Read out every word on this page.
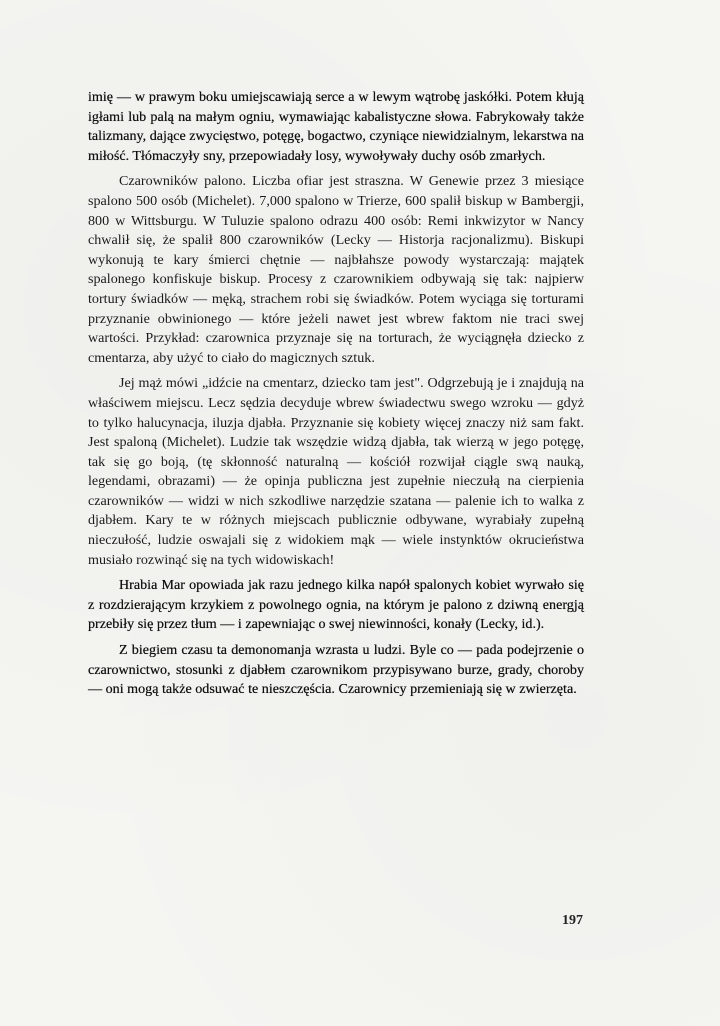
imię — w prawym boku umiejscawiają serce a w lewym wątrobę jaskółki. Potem kłują igłami lub palą na małym ogniu, wymawiając kabalistyczne słowa. Fabrykowały także talizmany, dające zwycięstwo, potęgę, bogactwo, czyniące niewidzialnym, lekarstwa na miłość. Tłómaczyły sny, przepowiadały losy, wywoływały duchy osób zmarłych.

Czarowników palono. Liczba ofiar jest straszna. W Genewie przez 3 miesiące spalono 500 osób (Michelet). 7,000 spalono w Trierze, 600 spalił biskup w Bambergji, 800 w Wittsburgu. W Tuluzie spalono odrazu 400 osób: Remi inkwizytor w Nancy chwalił się, że spalił 800 czarowników (Lecky — Historja racjonalizmu). Biskupi wykonują te kary śmierci chętnie — najbłahsze powody wystarczają: majątek spalonego konfiskuje biskup. Procesy z czarownikiem odbywają się tak: najpierw tortury świadków — męką, strachem robi się świadków. Potem wyciąga się torturami przyznanie obwinionego — które jeżeli nawet jest wbrew faktom nie traci swej wartości. Przykład: czarownica przyznaje się na torturach, że wyciągnęła dziecko z cmentarza, aby użyć to ciało do magicznych sztuk.

Jej mąż mówi „idźcie na cmentarz, dziecko tam jest". Odgrzebują je i znajdują na właściwem miejscu. Lecz sędzia decyduje wbrew świadectwu swego wzroku — gdyż to tylko halucynacja, iluzja djabła. Przyznanie się kobiety więcej znaczy niż sam fakt. Jest spaloną (Michelet). Ludzie tak wszędzie widzą djabła, tak wierzą w jego potęgę, tak się go boją, (tę skłonność naturalną — kościół rozwijał ciągle swą nauką, legendami, obrazami) — że opinja publiczna jest zupełnie nieczułą na cierpienia czarowników — widzi w nich szkodliwe narzędzie szatana — palenie ich to walka z djabłem. Kary te w różnych miejscach publicznie odbywane, wyrabiały zupełną nieczułość, ludzie oswajali się z widokiem mąk — wiele instynktów okrucieństwa musiało rozwinąć się na tych widowiskach!

Hrabia Mar opowiada jak razu jednego kilka napół spalonych kobiet wyrwało się z rozdzierającym krzykiem z powolnego ognia, na którym je palono z dziwną energją przebiły się przez tłum — i zapewniając o swej niewinności, konały (Lecky, id.).

Z biegiem czasu ta demonomanja wzrasta u ludzi. Byle co — pada podejrzenie o czarownictwo, stosunki z djabłem czarownikom przypisywano burze, grady, choroby — oni mogą także odsuwać te nieszczęścia. Czarownicy przemieniają się w zwierzęta.

197
